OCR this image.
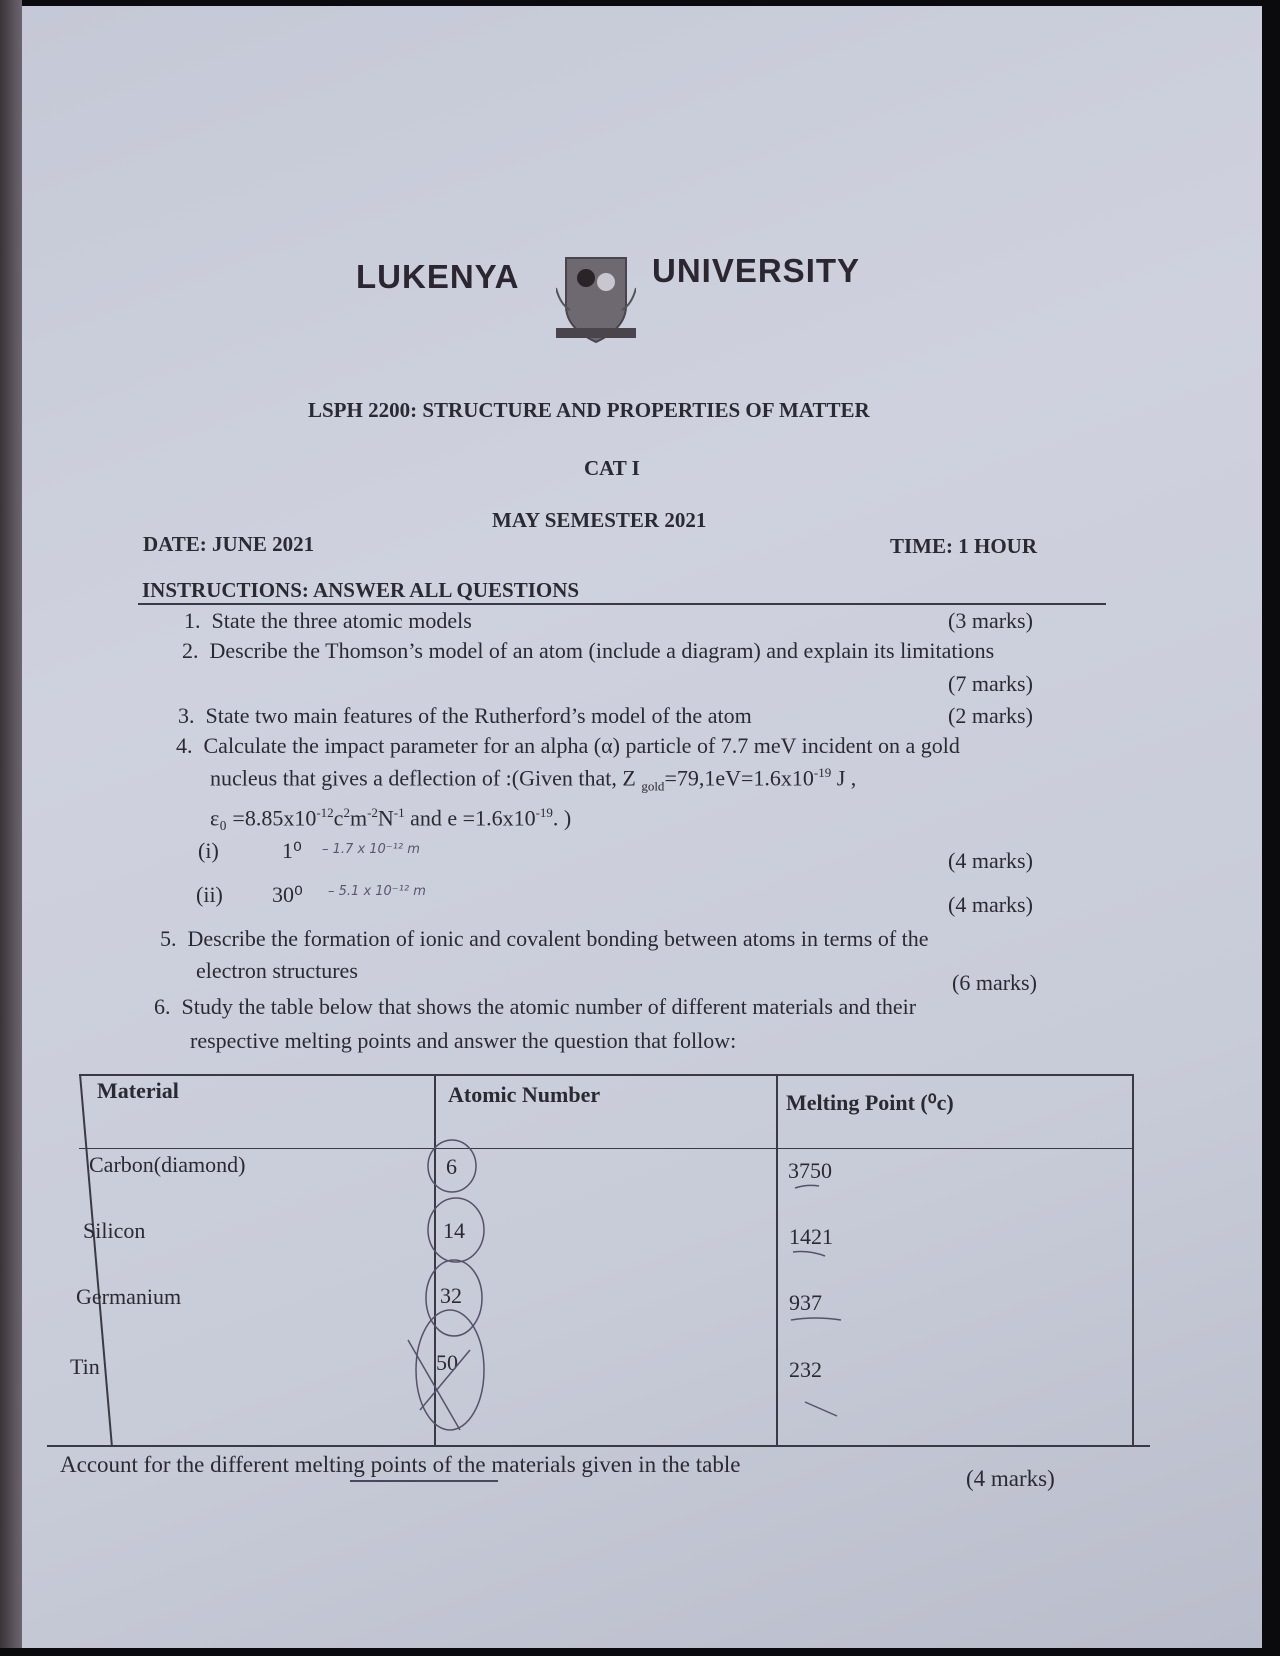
LUKENYA	UNIVERSITY
LSPH 2200: STRUCTURE AND PROPERTIES OF MATTER
CAT I
MAY SEMESTER 2021
DATE: JUNE 2021	TIME: 1 HOUR
INSTRUCTIONS: ANSWER ALL QUESTIONS
1. State the three atomic models	(3 marks)
2. Describe the Thomson’s model of an atom (include a diagram) and explain its limitations
(7 marks)
3. State two main features of the Rutherford’s model of the atom	(2 marks)
4. Calculate the impact parameter for an alpha (α) particle of 7.7 meV incident on a gold
nucleus that gives a deflection of :(Given that, Z $_{gold}=79,1eV=1.6x10^{-19}$ J ,
$\varepsilon_0 =8.85x10^{-12}c^2m^{-2}N^{-1}$ and $e =1.6x10^{-19}$. )
(i)	1⁰ – 1.7 x 10⁻¹² m	(4 marks)
(ii) 30⁰ – 5.1 x 10⁻¹² m
(4 marks)
5. Describe the formation of ionic and covalent bonding between atoms in terms of the
electron structures	(6 marks)
6. Study the table below that shows the atomic number of different materials and their
respective melting points and answer the question that follow:
Material	Atomic Number	Melting Point (⁰c)
Carbon(diamond)	6	3750
Silicon	14	1421
Germanium	32	937
Tin	50	232
Account for the different melting points of the materials given in the table
(4 marks)
